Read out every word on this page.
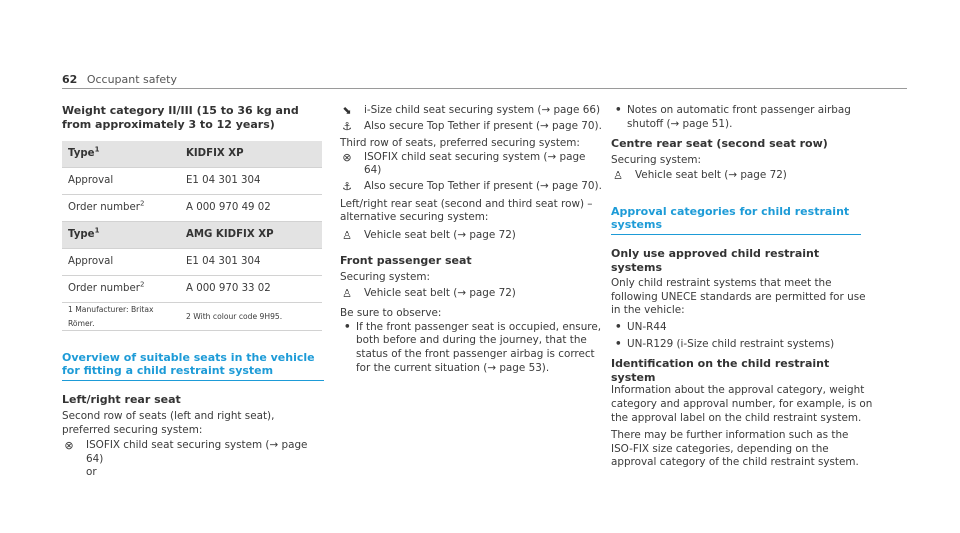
62 Occupant safety

Weight category II/III (15 to 36 kg and from approximately 3 to 12 years)

Type$^1$	KIDFIX XP
Approval	E1 04 301 304
Order number$^2$	A 000 970 49 02
Type$^1$	AMG KIDFIX XP
Approval	E1 04 301 304
Order number$^2$	A 000 970 33 02
1 Manufacturer: Britax Römer.	2 With colour code 9H95.
Overview of suitable seats in the vehicle for fitting a child restraint system

Left/right rear seat

Second row of seats (left and right seat), preferred securing system:

⊗ ISOFIX child seat securing system (→ page 64)

or

⬊ i-Size child seat securing system (→ page 66)
⚓ Also secure Top Tether if present (→ page 70).

Third row of seats, preferred securing system:

⊗ ISOFIX child seat securing system (→ page 64)
⚓ Also secure Top Tether if present (→ page 70).

Left/right rear seat (second and third seat row) – alternative securing system:

♙ Vehicle seat belt (→ page 72)

Front passenger seat

Securing system:

♙ Vehicle seat belt (→ page 72)

Be sure to observe:

• If the front passenger seat is occupied, ensure, both before and during the journey, that the status of the front passenger airbag is correct for the current situation (→ page 53).
• Notes on automatic front passenger airbag shutoff (→ page 51).

Centre rear seat (second seat row)

Securing system:

♙ Vehicle seat belt (→ page 72)
Approval categories for child restraint systems

Only use approved child restraint systems

Only child restraint systems that meet the following UNECE standards are permitted for use in the vehicle:

• UN-R44
• UN-R129 (i-Size child restraint systems)

Identification on the child restraint system

Information about the approval category, weight category and approval number, for example, is on the approval label on the child restraint system.

There may be further information such as the ISO-FIX size categories, depending on the approval category of the child restraint system.
